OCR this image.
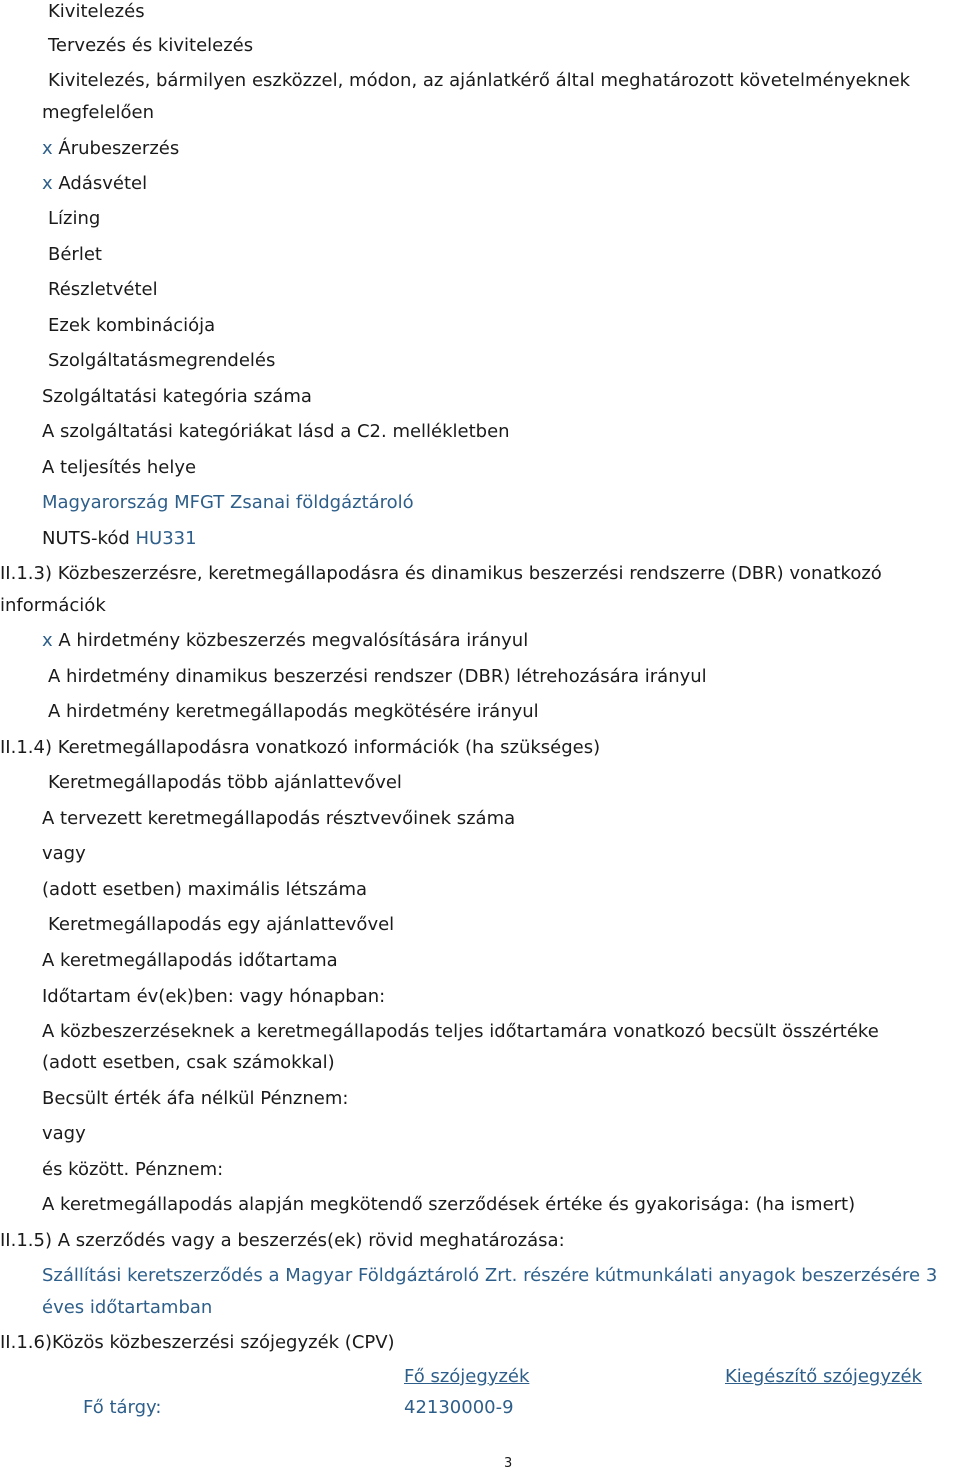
Kivitelezés
Tervezés és kivitelezés
Kivitelezés, bármilyen eszközzel, módon, az ajánlatkérő által meghatározott követelményeknek
megfelelően
x Árubeszerzés
x Adásvétel
Lízing
Bérlet
Részletvétel
Ezek kombinációja
Szolgáltatásmegrendelés
Szolgáltatási kategória száma
A szolgáltatási kategóriákat lásd a C2. mellékletben
A teljesítés helye
Magyarország MFGT Zsanai földgáztároló
NUTS-kód HU331
II.1.3) Közbeszerzésre, keretmegállapodásra és dinamikus beszerzési rendszerre (DBR) vonatkozó
információk
x A hirdetmény közbeszerzés megvalósítására irányul
A hirdetmény dinamikus beszerzési rendszer (DBR) létrehozására irányul
A hirdetmény keretmegállapodás megkötésére irányul
II.1.4) Keretmegállapodásra vonatkozó információk (ha szükséges)
Keretmegállapodás több ajánlattevővel
A tervezett keretmegállapodás résztvevőinek száma
vagy
(adott esetben) maximális létszáma
Keretmegállapodás egy ajánlattevővel
A keretmegállapodás időtartama
Időtartam év(ek)ben: vagy hónapban:
A közbeszerzéseknek a keretmegállapodás teljes időtartamára vonatkozó becsült összértéke
(adott esetben, csak számokkal)
Becsült érték áfa nélkül Pénznem:
vagy
és között. Pénznem:
A keretmegállapodás alapján megkötendő szerződések értéke és gyakorisága: (ha ismert)
II.1.5) A szerződés vagy a beszerzés(ek) rövid meghatározása:
Szállítási keretszerződés a Magyar Földgáztároló Zrt. részére kútmunkálati anyagok beszerzésére 3
éves időtartamban
II.1.6)Közös közbeszerzési szójegyzék (CPV)
Fő szójegyzék	Kiegészítő szójegyzék
Fő tárgy:	42130000-9
3
